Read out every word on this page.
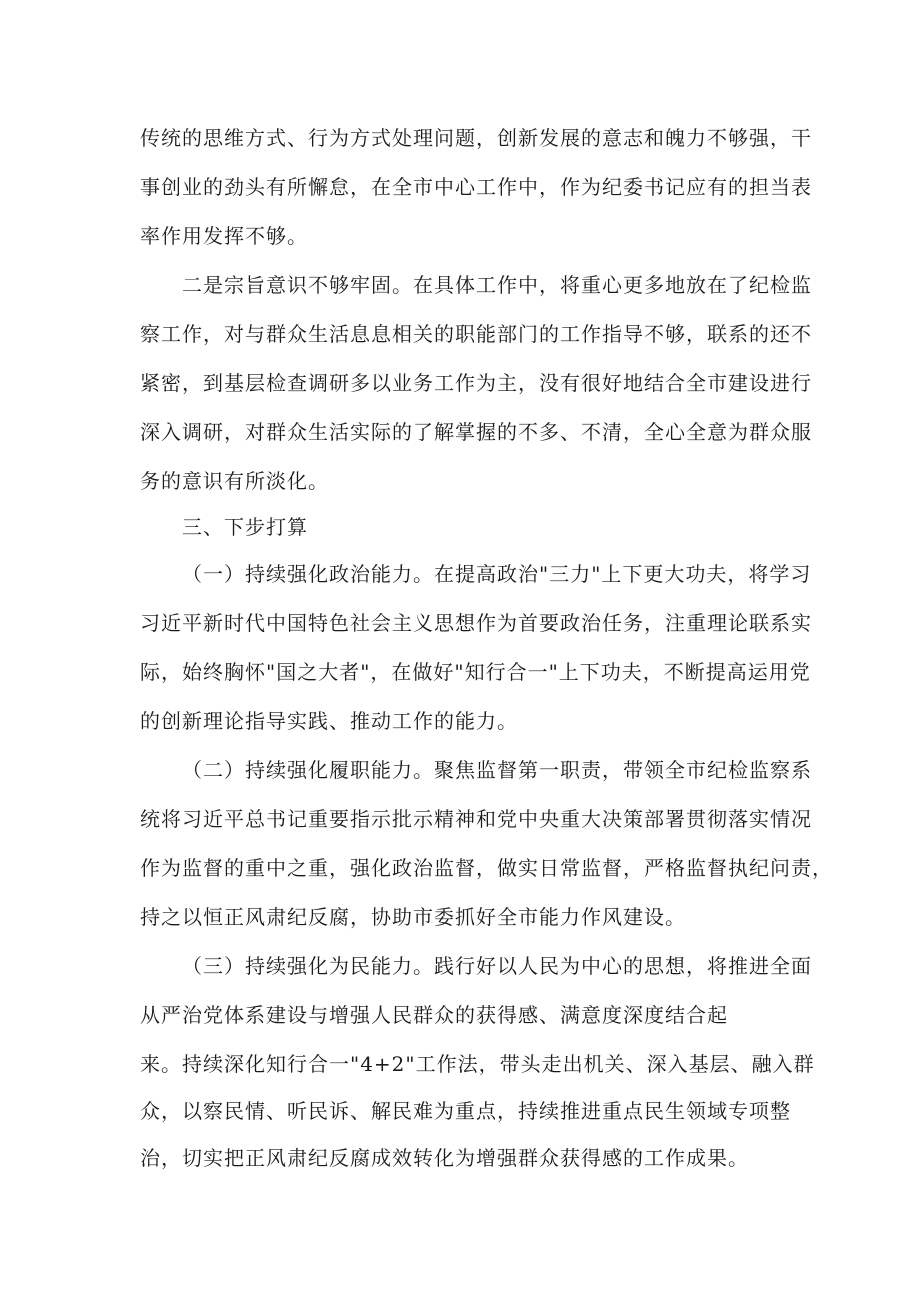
传统的思维方式、行为方式处理问题，创新发展的意志和魄力不够强，干
事创业的劲头有所懈怠，在全市中心工作中，作为纪委书记应有的担当表
率作用发挥不够。
二是宗旨意识不够牢固。在具体工作中，将重心更多地放在了纪检监
察工作，对与群众生活息息相关的职能部门的工作指导不够，联系的还不
紧密，到基层检查调研多以业务工作为主，没有很好地结合全市建设进行
深入调研，对群众生活实际的了解掌握的不多、不清，全心全意为群众服
务的意识有所淡化。
三、下步打算
（一）持续强化政治能力。在提高政治"三力"上下更大功夫，将学习
习近平新时代中国特色社会主义思想作为首要政治任务，注重理论联系实
际，始终胸怀"国之大者"，在做好"知行合一"上下功夫，不断提高运用党
的创新理论指导实践、推动工作的能力。
（二）持续强化履职能力。聚焦监督第一职责，带领全市纪检监察系
统将习近平总书记重要指示批示精神和党中央重大决策部署贯彻落实情况
作为监督的重中之重，强化政治监督，做实日常监督，严格监督执纪问责，
持之以恒正风肃纪反腐，协助市委抓好全市能力作风建设。
（三）持续强化为民能力。践行好以人民为中心的思想，将推进全面
从严治党体系建设与增强人民群众的获得感、满意度深度结合起
来。持续深化知行合一"4+2"工作法，带头走出机关、深入基层、融入群
众，以察民情、听民诉、解民难为重点，持续推进重点民生领域专项整
治，切实把正风肃纪反腐成效转化为增强群众获得感的工作成果。
